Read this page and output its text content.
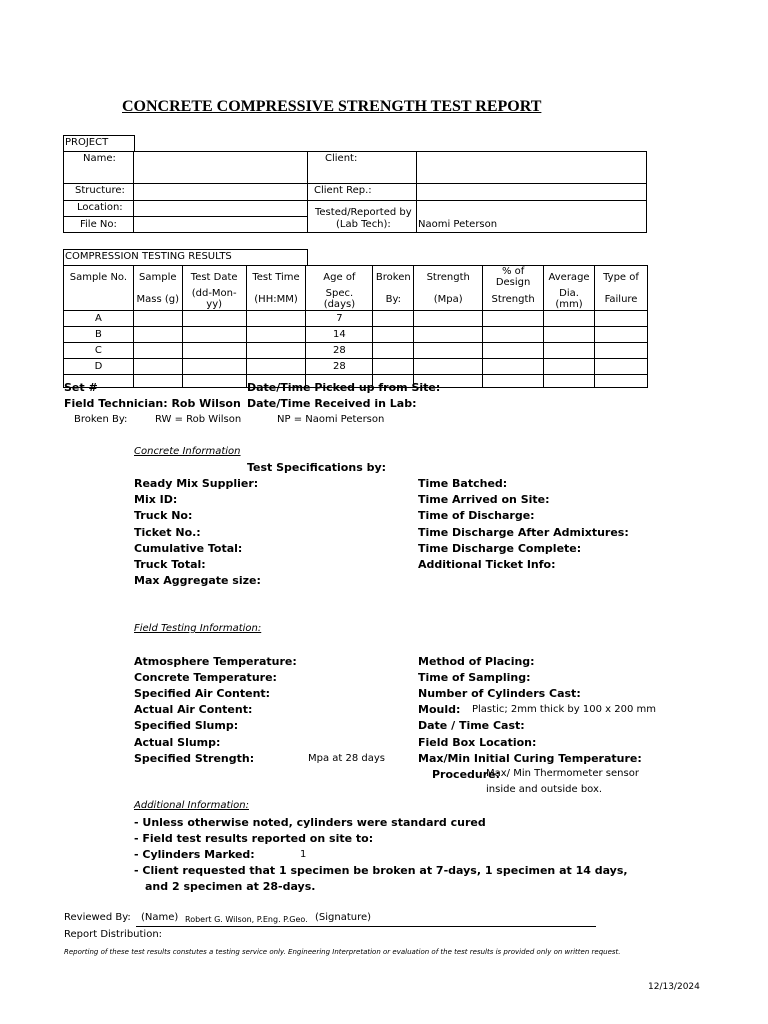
CONCRETE COMPRESSIVE STRENGTH TEST REPORT
PROJECT
Name:	Client:
Structure:	Client Rep.:
Location:	Tested/Reported by
(Lab Tech):	Naomi Peterson
File No:
COMPRESSION TESTING RESULTS
Sample No.	Sample	Test Date	Test Time	Age of	Broken	Strength	% of Design	Average	Type of
	Mass (g)	(dd-Mon-yy)	(HH:MM)	Spec. (days)	By:	(Mpa)	Strength	Dia. (mm)	Failure
A				7					
B				14					
C				28					
D				28					

Set #
Field Technician: Rob Wilson
Date/Time Picked up from Site:
Date/Time Received in Lab:
Broken By:	RW = Rob Wilson	NP = Naomi Peterson
Concrete Information
Test Specifications by:
Ready Mix Supplier:
Mix ID:
Truck No:
Ticket No.:
Cumulative Total:
Truck Total:
Max Aggregate size:
Time Batched:
Time Arrived on Site:
Time of Discharge:
Time Discharge After Admixtures:
Time Discharge Complete:
Additional Ticket Info:
Field Testing Information:
Atmosphere Temperature:
Concrete Temperature:
Specified Air Content:
Actual Air Content:
Specified Slump:
Actual Slump:
Specified Strength:	Mpa at 28 days
Method of Placing:
Time of Sampling:
Number of Cylinders Cast:
Mould: Plastic; 2mm thick by 100 x 200 mm
Date / Time Cast:
Field Box Location:
Max/Min Initial Curing Temperature:
Procedure:
Max/ Min Thermometer sensor
inside and outside box.
Additional Information:
- Unless otherwise noted, cylinders were standard cured
- Field test results reported on site to:
- Cylinders Marked:	1
- Client requested that 1 specimen be broken at 7-days, 1 specimen at 14 days,
and 2 specimen at 28-days.
Reviewed By: (Name) Robert G. Wilson, P.Eng. P.Geo. (Signature)
Report Distribution:
Reporting of these test results constutes a testing service only. Engineering Interpretation or evaluation of the test results is provided only on written request.
12/13/2024
